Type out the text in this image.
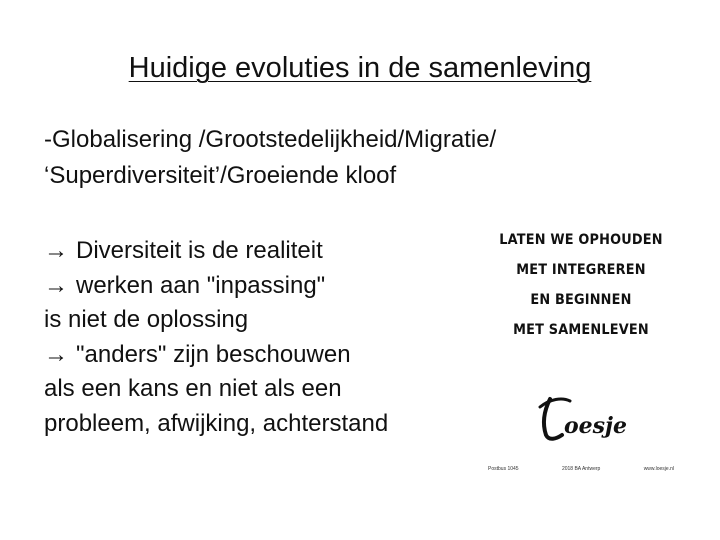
Huidige evoluties in de samenleving
-Globalisering /Grootstedelijkheid/Migratie/
‘Superdiversiteit’/Groeiende kloof
→ Diversiteit is de realiteit
→ werken aan "inpassing"
is niet de oplossing
→ "anders" zijn beschouwen
als een kans en niet als een
probleem, afwijking, achterstand
LATEN WE OPHOUDEN
MET INTEGREREN
EN BEGINNEN
MET SAMENLEVEN
oesje
Postbus 1045	2018 BA Antwerp	www.loesje.nl
